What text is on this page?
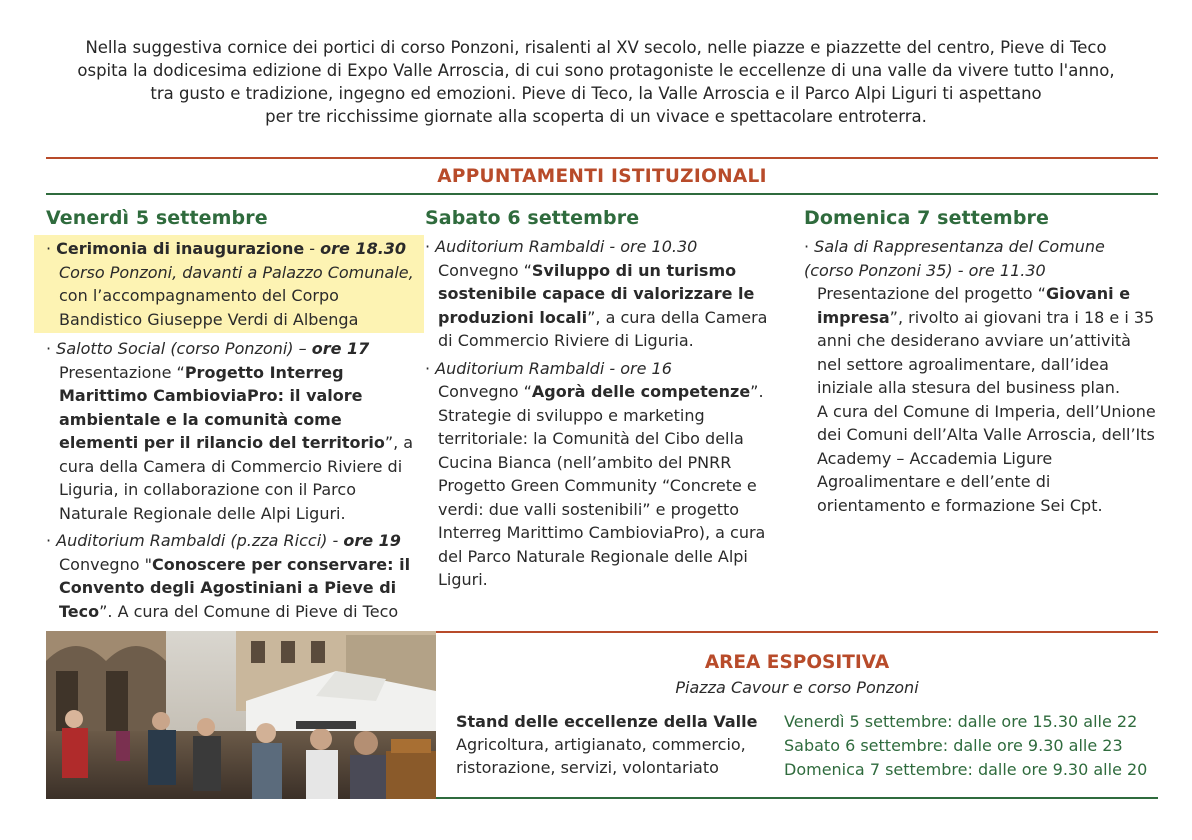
Nella suggestiva cornice dei portici di corso Ponzoni, risalenti al XV secolo, nelle piazze e piazzette del centro, Pieve di Teco
ospita la dodicesima edizione di Expo Valle Arroscia, di cui sono protagoniste le eccellenze di una valle da vivere tutto l'anno,
tra gusto e tradizione, ingegno ed emozioni. Pieve di Teco, la Valle Arroscia e il Parco Alpi Liguri ti aspettano
per tre ricchissime giornate alla scoperta di un vivace e spettacolare entroterra.
APPUNTAMENTI ISTITUZIONALI
Venerdì 5 settembre
· Cerimonia di inaugurazione - ore 18.30
Corso Ponzoni, davanti a Palazzo Comunale,
con l’accompagnamento del Corpo Bandistico Giuseppe Verdi di Albenga
· Salotto Social (corso Ponzoni) – ore 17
Presentazione “Progetto Interreg Marittimo CambioviaPro: il valore ambientale e la comunità come elementi per il rilancio del territorio”, a cura della Camera di Commercio Riviere di Liguria, in collaborazione con il Parco Naturale Regionale delle Alpi Liguri.
· Auditorium Rambaldi (p.zza Ricci) - ore 19
Convegno "Conoscere per conservare: il Convento degli Agostiniani a Pieve di Teco”. A cura del Comune di Pieve di Teco
Sabato 6 settembre
· Auditorium Rambaldi - ore 10.30
Convegno “Sviluppo di un turismo sostenibile capace di valorizzare le produzioni locali”, a cura della Camera di Commercio Riviere di Liguria.
· Auditorium Rambaldi - ore 16
Convegno “Agorà delle competenze”. Strategie di sviluppo e marketing territoriale: la Comunità del Cibo della Cucina Bianca (nell’ambito del PNRR Progetto Green Community “Concrete e verdi: due valli sostenibili” e progetto Interreg Marittimo CambioviaPro), a cura del Parco Naturale Regionale delle Alpi Liguri.
Domenica 7 settembre
· Sala di Rappresentanza del Comune (corso Ponzoni 35) - ore 11.30
Presentazione del progetto “Giovani e impresa”, rivolto ai giovani tra i 18 e i 35 anni che desiderano avviare un’attività nel settore agroalimentare, dall’idea iniziale alla stesura del business plan.
A cura del Comune di Imperia, dell’Unione dei Comuni dell’Alta Valle Arroscia, dell’Its Academy – Accademia Ligure Agroalimentare e dell’ente di orientamento e formazione Sei Cpt.
AREA ESPOSITIVA
Piazza Cavour e corso Ponzoni
Stand delle eccellenze della Valle
Agricoltura, artigianato, commercio, ristorazione, servizi, volontariato
Venerdì 5 settembre: dalle ore 15.30 alle 22
Sabato 6 settembre: dalle ore 9.30 alle 23
Domenica 7 settembre: dalle ore 9.30 alle 20
